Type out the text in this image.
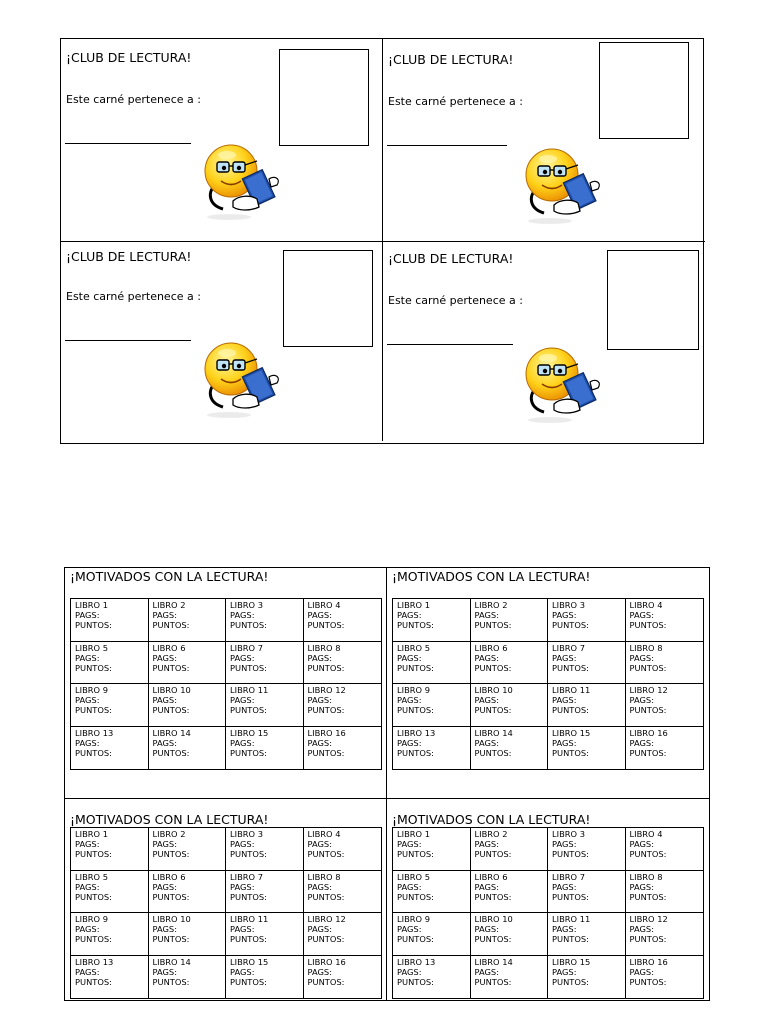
¡CLUB DE LECTURA!
Este carné pertenece a :
¡CLUB DE LECTURA!
Este carné pertenece a :
¡CLUB DE LECTURA!
Este carné pertenece a :
¡CLUB DE LECTURA!
Este carné pertenece a :
¡MOTIVADOS CON LA LECTURA!
LIBRO 1
PAGS:
PUNTOS:
LIBRO 2
PAGS:
PUNTOS:
LIBRO 3
PAGS:
PUNTOS:
LIBRO 4
PAGS:
PUNTOS:
LIBRO 5
PAGS:
PUNTOS:
LIBRO 6
PAGS:
PUNTOS:
LIBRO 7
PAGS:
PUNTOS:
LIBRO 8
PAGS:
PUNTOS:
LIBRO 9
PAGS:
PUNTOS:
LIBRO 10
PAGS:
PUNTOS:
LIBRO 11
PAGS:
PUNTOS:
LIBRO 12
PAGS:
PUNTOS:
LIBRO 13
PAGS:
PUNTOS:
LIBRO 14
PAGS:
PUNTOS:
LIBRO 15
PAGS:
PUNTOS:
LIBRO 16
PAGS:
PUNTOS:
¡MOTIVADOS CON LA LECTURA!
LIBRO 1
PAGS:
PUNTOS:
LIBRO 2
PAGS:
PUNTOS:
LIBRO 3
PAGS:
PUNTOS:
LIBRO 4
PAGS:
PUNTOS:
LIBRO 5
PAGS:
PUNTOS:
LIBRO 6
PAGS:
PUNTOS:
LIBRO 7
PAGS:
PUNTOS:
LIBRO 8
PAGS:
PUNTOS:
LIBRO 9
PAGS:
PUNTOS:
LIBRO 10
PAGS:
PUNTOS:
LIBRO 11
PAGS:
PUNTOS:
LIBRO 12
PAGS:
PUNTOS:
LIBRO 13
PAGS:
PUNTOS:
LIBRO 14
PAGS:
PUNTOS:
LIBRO 15
PAGS:
PUNTOS:
LIBRO 16
PAGS:
PUNTOS:
¡MOTIVADOS CON LA LECTURA!
LIBRO 1
PAGS:
PUNTOS:
LIBRO 2
PAGS:
PUNTOS:
LIBRO 3
PAGS:
PUNTOS:
LIBRO 4
PAGS:
PUNTOS:
LIBRO 5
PAGS:
PUNTOS:
LIBRO 6
PAGS:
PUNTOS:
LIBRO 7
PAGS:
PUNTOS:
LIBRO 8
PAGS:
PUNTOS:
LIBRO 9
PAGS:
PUNTOS:
LIBRO 10
PAGS:
PUNTOS:
LIBRO 11
PAGS:
PUNTOS:
LIBRO 12
PAGS:
PUNTOS:
LIBRO 13
PAGS:
PUNTOS:
LIBRO 14
PAGS:
PUNTOS:
LIBRO 15
PAGS:
PUNTOS:
LIBRO 16
PAGS:
PUNTOS:
¡MOTIVADOS CON LA LECTURA!
LIBRO 1
PAGS:
PUNTOS:
LIBRO 2
PAGS:
PUNTOS:
LIBRO 3
PAGS:
PUNTOS:
LIBRO 4
PAGS:
PUNTOS:
LIBRO 5
PAGS:
PUNTOS:
LIBRO 6
PAGS:
PUNTOS:
LIBRO 7
PAGS:
PUNTOS:
LIBRO 8
PAGS:
PUNTOS:
LIBRO 9
PAGS:
PUNTOS:
LIBRO 10
PAGS:
PUNTOS:
LIBRO 11
PAGS:
PUNTOS:
LIBRO 12
PAGS:
PUNTOS:
LIBRO 13
PAGS:
PUNTOS:
LIBRO 14
PAGS:
PUNTOS:
LIBRO 15
PAGS:
PUNTOS:
LIBRO 16
PAGS:
PUNTOS:
